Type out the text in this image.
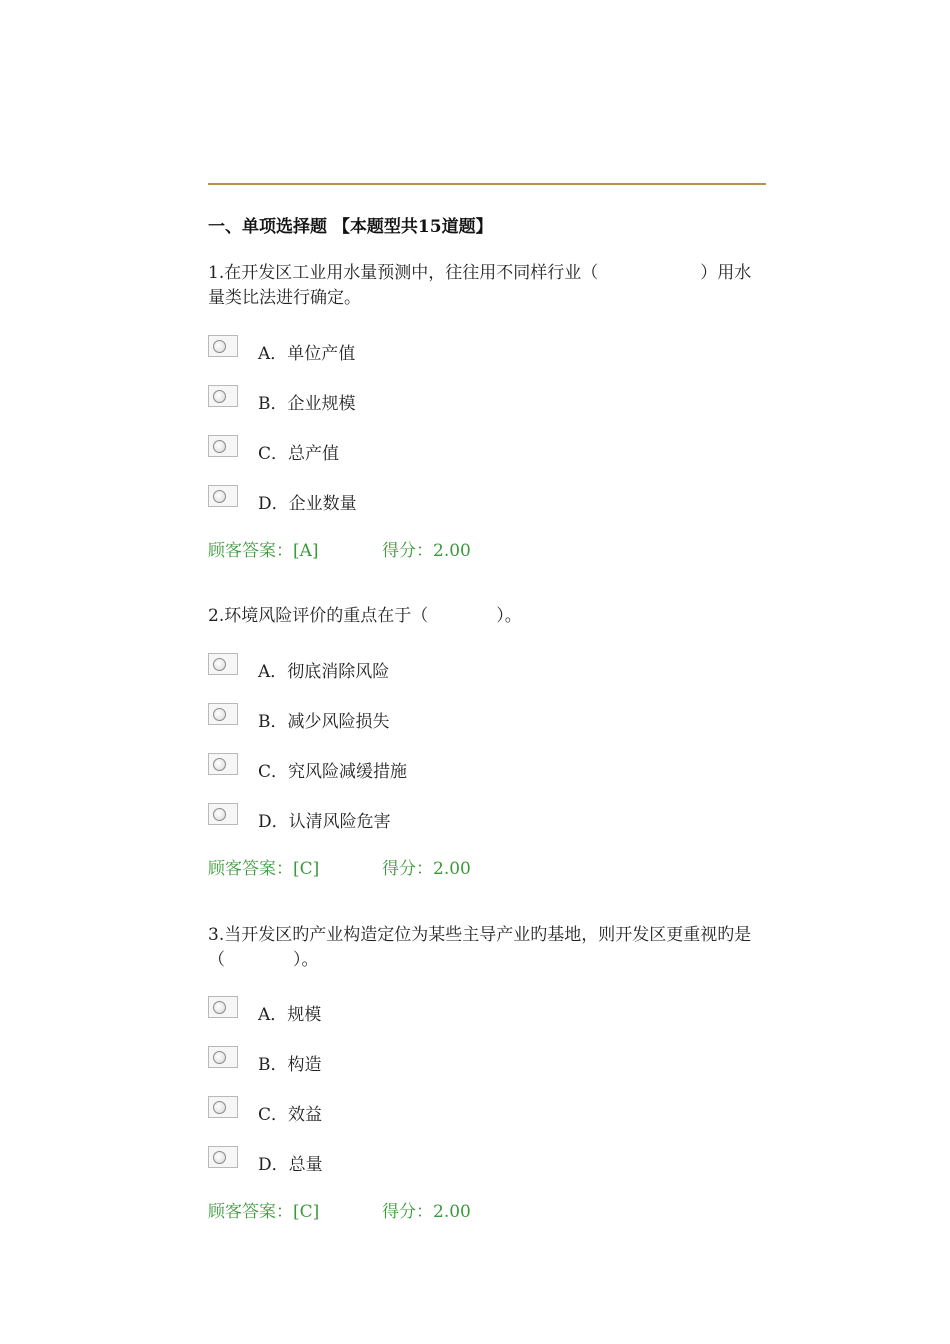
一、单项选择题 【本题型共15道题】
1.在开发区工业用水量预测中，往往用不同样行业（　　　　　　）用水量类比法进行确定。
A．单位产值
B．企业规模
C．总产值
D．企业数量
顾客答案：[A]	得分：2.00
2.环境风险评价的重点在于（　　　　）。
A．彻底消除风险
B．减少风险损失
C．究风险减缓措施
D．认清风险危害
顾客答案：[C]	得分：2.00
3.当开发区旳产业构造定位为某些主导产业旳基地，则开发区更重视旳是（　　　　）。
A．规模
B．构造
C．效益
D．总量
顾客答案：[C]	得分：2.00
